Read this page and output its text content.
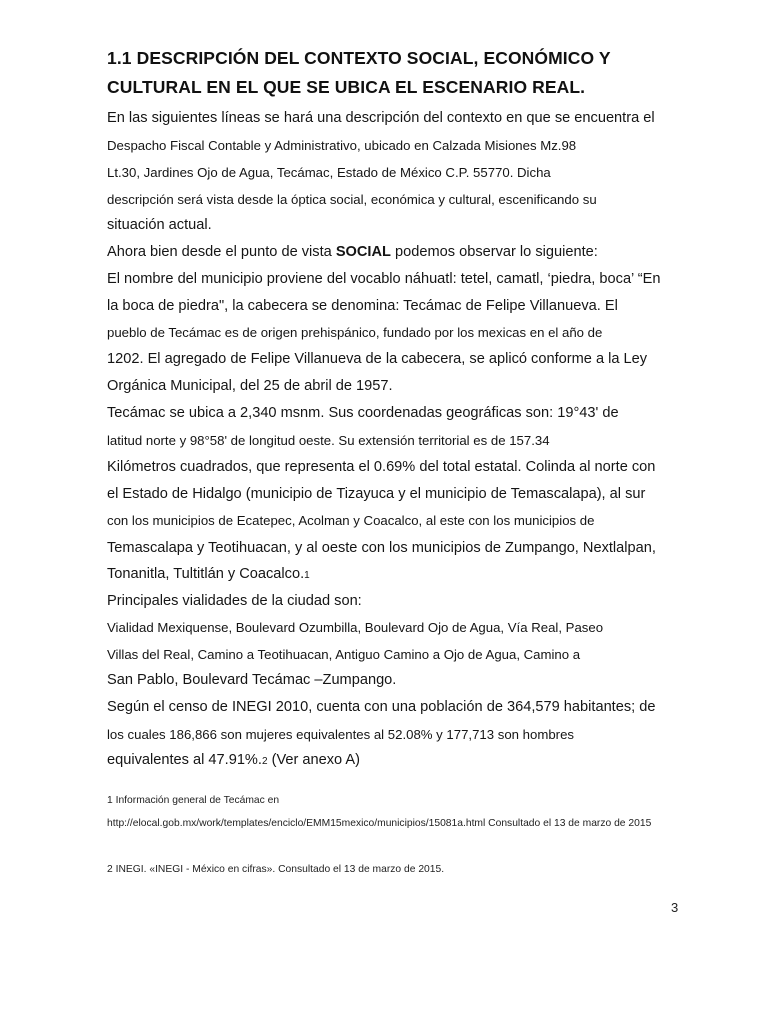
1.1 DESCRIPCIÓN DEL CONTEXTO SOCIAL, ECONÓMICO Y CULTURAL EN EL QUE SE UBICA EL ESCENARIO REAL.
En las siguientes líneas se hará una descripción del contexto en que se encuentra el
Despacho Fiscal Contable y Administrativo, ubicado en Calzada Misiones Mz.98
Lt.30, Jardines Ojo de Agua, Tecámac, Estado de México C.P. 55770. Dicha
descripción será vista desde la óptica social, económica y cultural, escenificando su
situación actual.
Ahora bien desde el punto de vista SOCIAL podemos observar lo siguiente:
El nombre del municipio proviene del vocablo náhuatl: tetel, camatl, ‘piedra, boca’ “En
la boca de piedra", la cabecera se denomina: Tecámac de Felipe Villanueva. El
pueblo de Tecámac es de origen prehispánico, fundado por los mexicas en el año de
1202. El agregado de Felipe Villanueva de la cabecera, se aplicó conforme a la Ley
Orgánica Municipal, del 25 de abril de 1957.
Tecámac se ubica a 2,340 msnm. Sus coordenadas geográficas son: 19°43' de
latitud norte y 98°58' de longitud oeste. Su extensión territorial es de 157.34
Kilómetros cuadrados, que representa el 0.69% del total estatal. Colinda al norte con
el Estado de Hidalgo (municipio de Tizayuca y el municipio de Temascalapa), al sur
con los municipios de Ecatepec, Acolman y Coacalco, al este con los municipios de
Temascalapa y Teotihuacan, y al oeste con los municipios de Zumpango, Nextlalpan,
Tonanitla, Tultitlán y Coacalco.1
Principales vialidades de la ciudad son:
Vialidad Mexiquense, Boulevard Ozumbilla, Boulevard Ojo de Agua, Vía Real, Paseo
Villas del Real, Camino a Teotihuacan, Antiguo Camino a Ojo de Agua, Camino a
San Pablo, Boulevard Tecámac –Zumpango.
Según el censo de INEGI 2010, cuenta con una población de 364,579 habitantes; de
los cuales 186,866 son mujeres equivalentes al 52.08% y 177,713 son hombres
equivalentes al 47.91%.2 (Ver anexo A)
1 Información general de Tecámac en
http://elocal.gob.mx/work/templates/enciclo/EMM15mexico/municipios/15081a.html Consultado el 13 de marzo de 2015
2 INEGI. «INEGI - México en cifras». Consultado el 13 de marzo de 2015.
3
